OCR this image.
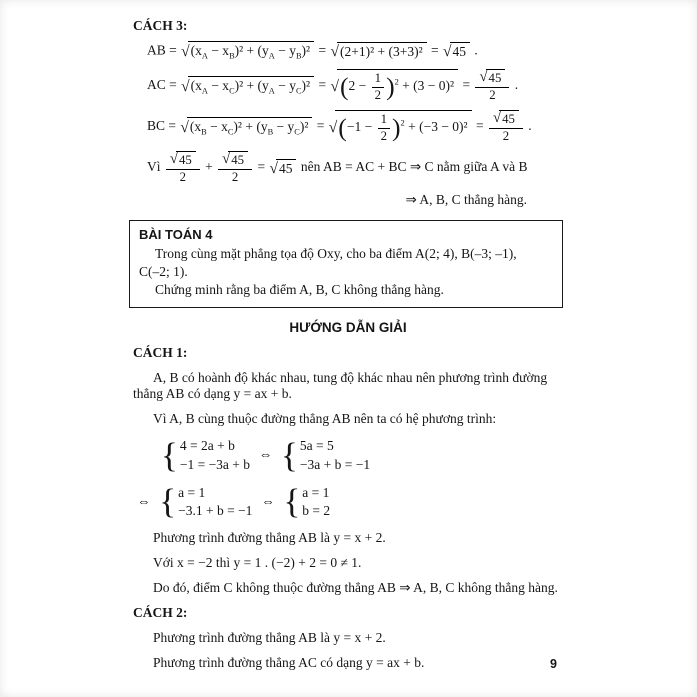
CÁCH 3:

AB = √ $(x_A - x_B)^2 + (y_A - y_B)^2$ = √ (2+1)² + (3+3)² = √ 45 .
AC = √ $(x_A - x_C)^2 + (y_A - y_C)^2$ = √ $(2 - \frac{1}{2} )^2 + (3 - 0)^2 = \frac{√ 45}{2}$ .
BC = √ $(x_B - x_C)^2 + (y_B - y_C)^2$ = √ $(-1 - \frac{1}{2} )^2 + (-3 - 0)^2 = \frac{√ 45}{2}$ .
Vì $\frac{√ 45}{2} + \frac{√ 45}{2}$ = √ 45 nên AB = AC + BC ⇒ C nằm giữa A và B

⇒ A, B, C thẳng hàng.

BÀI TOÁN 4

Trong cùng mặt phẳng tọa độ Oxy, cho ba điểm A(2; 4), B(–3; –1),

C(–2; 1).

Chứng minh rằng ba điểm A, B, C không thẳng hàng.

HƯỚNG DẪN GIẢI

CÁCH 1:

A, B có hoành độ khác nhau, tung độ khác nhau nên phương trình đường thẳng AB có dạng y = ax + b.

Vì A, B cùng thuộc đường thẳng AB nên ta có hệ phương trình:

{ 4 = 2a + b
−1 = −3a + b
⇔ { 5a = 5
−3a + b = −1
⇔ { a = 1
−3.1 + b = −1
⇔ { a = 1
b = 2

Phương trình đường thẳng AB là y = x + 2.

Với x = −2 thì y = 1 . (−2) + 2 = 0 ≠ 1.

Do đó, điểm C không thuộc đường thẳng AB ⇒ A, B, C không thẳng hàng.

CÁCH 2:

Phương trình đường thẳng AB là y = x + 2.

Phương trình đường thẳng AC có dạng y = ax + b.	9
